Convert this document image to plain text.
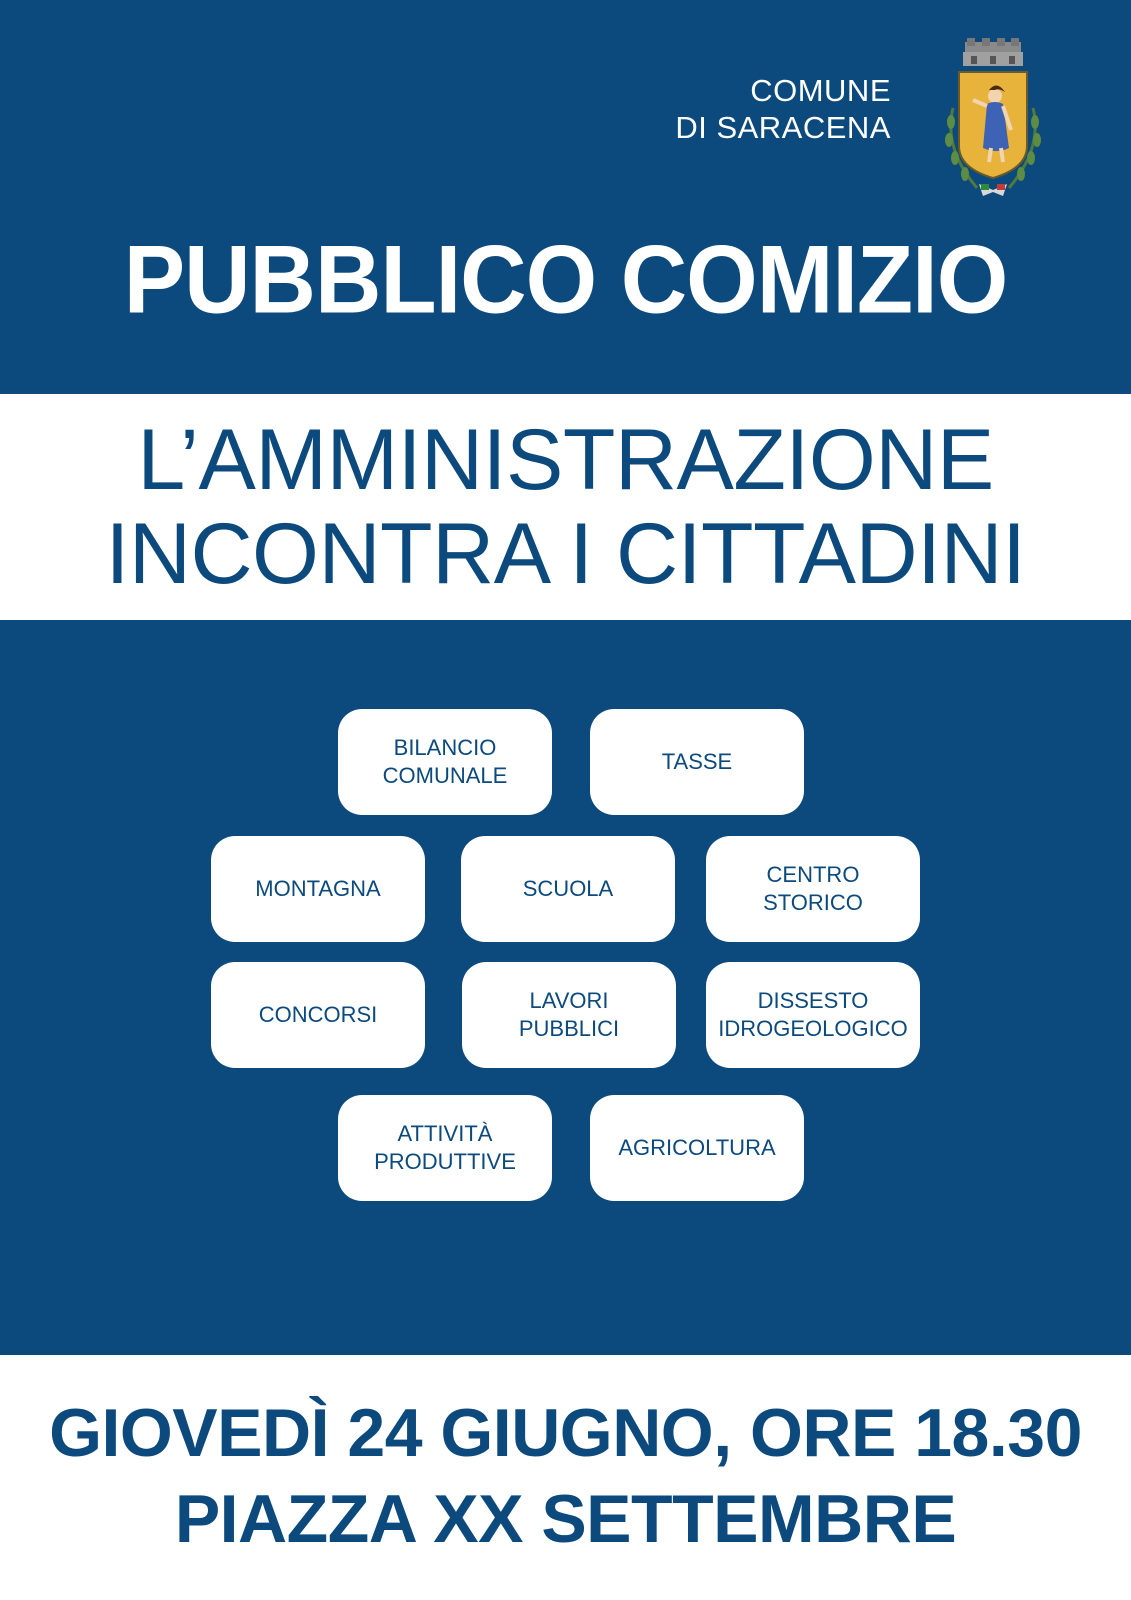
COMUNE
DI SARACENA
PUBBLICO COMIZIO
L’AMMINISTRAZIONE
INCONTRA I CITTADINI
BILANCIO
COMUNALE
TASSE
MONTAGNA	SCUOLA
CENTRO
STORICO
CONCORSI
LAVORI
PUBBLICI
DISSESTO
IDROGEOLOGICO
ATTIVITÀ
PRODUTTIVE
AGRICOLTURA
GIOVEDÌ 24 GIUGNO, ORE 18.30
PIAZZA XX SETTEMBRE
